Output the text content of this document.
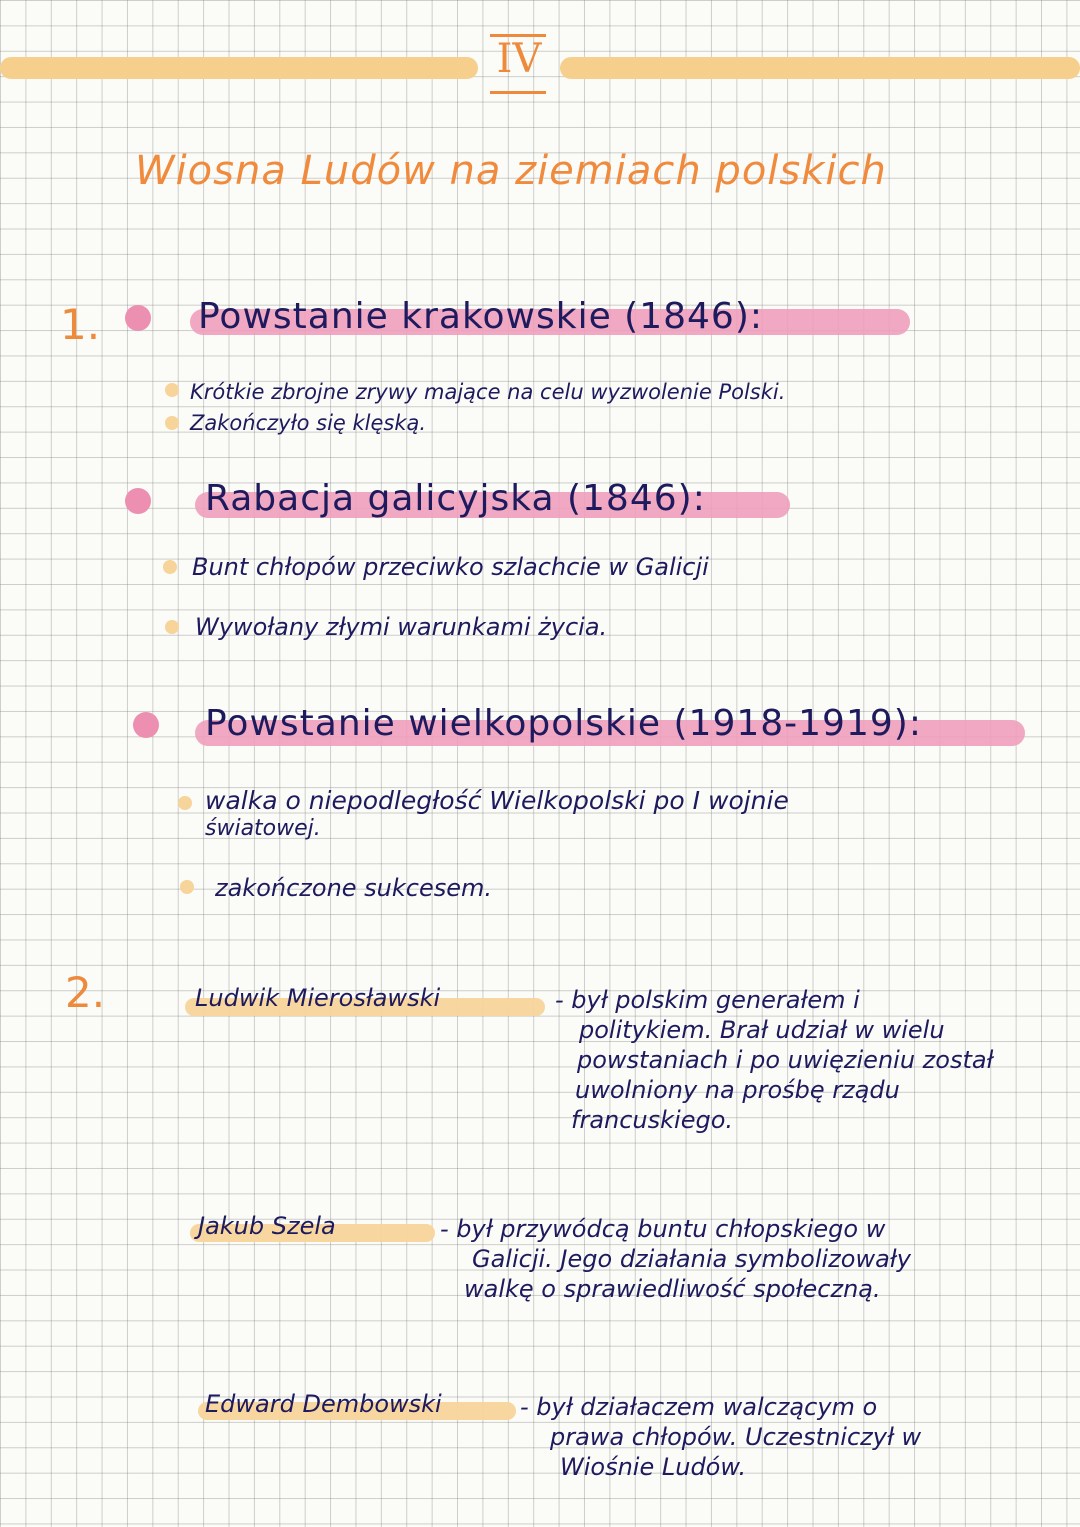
IV
Wiosna Ludów na ziemiach polskich
1.	Powstanie krakowskie (1846):
Krótkie zbrojne zrywy mające na celu wyzwolenie Polski.
Zakończyło się klęską.
Rabacja galicyjska (1846):
Bunt chłopów przeciwko szlachcie w Galicji
Wywołany złymi warunkami życia.
Powstanie wielkopolskie (1918-1919):
walka o niepodległość Wielkopolski po I wojnie
światowej.
zakończone sukcesem.
2.	Ludwik Mierosławski	- był polskim generałem i
politykiem. Brał udział w wielu
powstaniach i po uwięzieniu został
uwolniony na prośbę rządu
francuskiego.
Jakub Szela	- był przywódcą buntu chłopskiego w
Galicji. Jego działania symbolizowały
walkę o sprawiedliwość społeczną.
Edward Dembowski	- był działaczem walczącym o
prawa chłopów. Uczestniczył w
Wiośnie Ludów.
